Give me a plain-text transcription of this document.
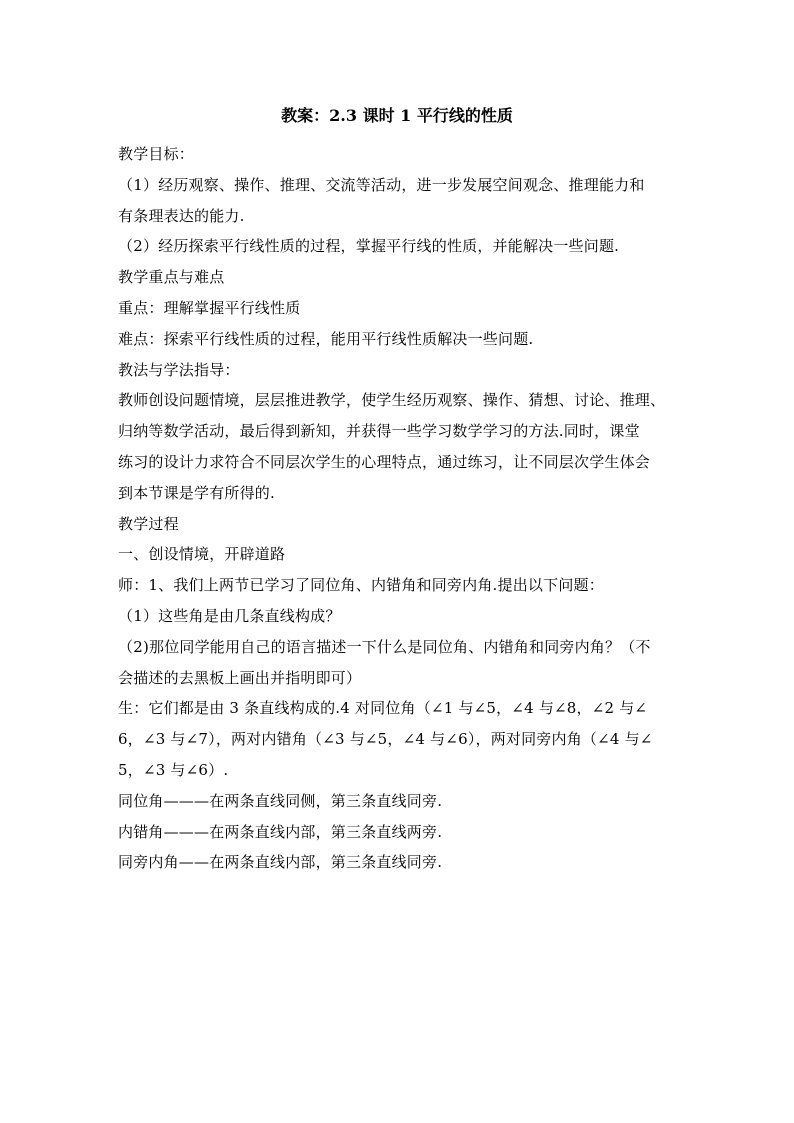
教案：2.3 课时 1 平行线的性质

教学目标：

（1）经历观察、操作、推理、交流等活动，进一步发展空间观念、推理能力和

有条理表达的能力.

（2）经历探索平行线性质的过程，掌握平行线的性质，并能解决一些问题.

教学重点与难点

重点：理解掌握平行线性质

难点：探索平行线性质的过程，能用平行线性质解决一些问题.

教法与学法指导：

教师创设问题情境，层层推进教学，使学生经历观察、操作、猜想、讨论、推理、

归纳等数学活动，最后得到新知，并获得一些学习数学学习的方法.同时，课堂

练习的设计力求符合不同层次学生的心理特点，通过练习，让不同层次学生体会

到本节课是学有所得的.

教学过程

一、创设情境，开辟道路

师：1、我们上两节已学习了同位角、内错角和同旁内角.提出以下问题：

（1）这些角是由几条直线构成？

（2)那位同学能用自己的语言描述一下什么是同位角、内错角和同旁内角？（不

会描述的去黑板上画出并指明即可）

生：它们都是由 3 条直线构成的.4 对同位角（∠1 与∠5，∠4 与∠8，∠2 与∠

6，∠3 与∠7），两对内错角（∠3 与∠5，∠4 与∠6），两对同旁内角（∠4 与∠

5，∠3 与∠6）.

同位角———在两条直线同侧，第三条直线同旁.

内错角———在两条直线内部，第三条直线两旁.

同旁内角——在两条直线内部，第三条直线同旁.
